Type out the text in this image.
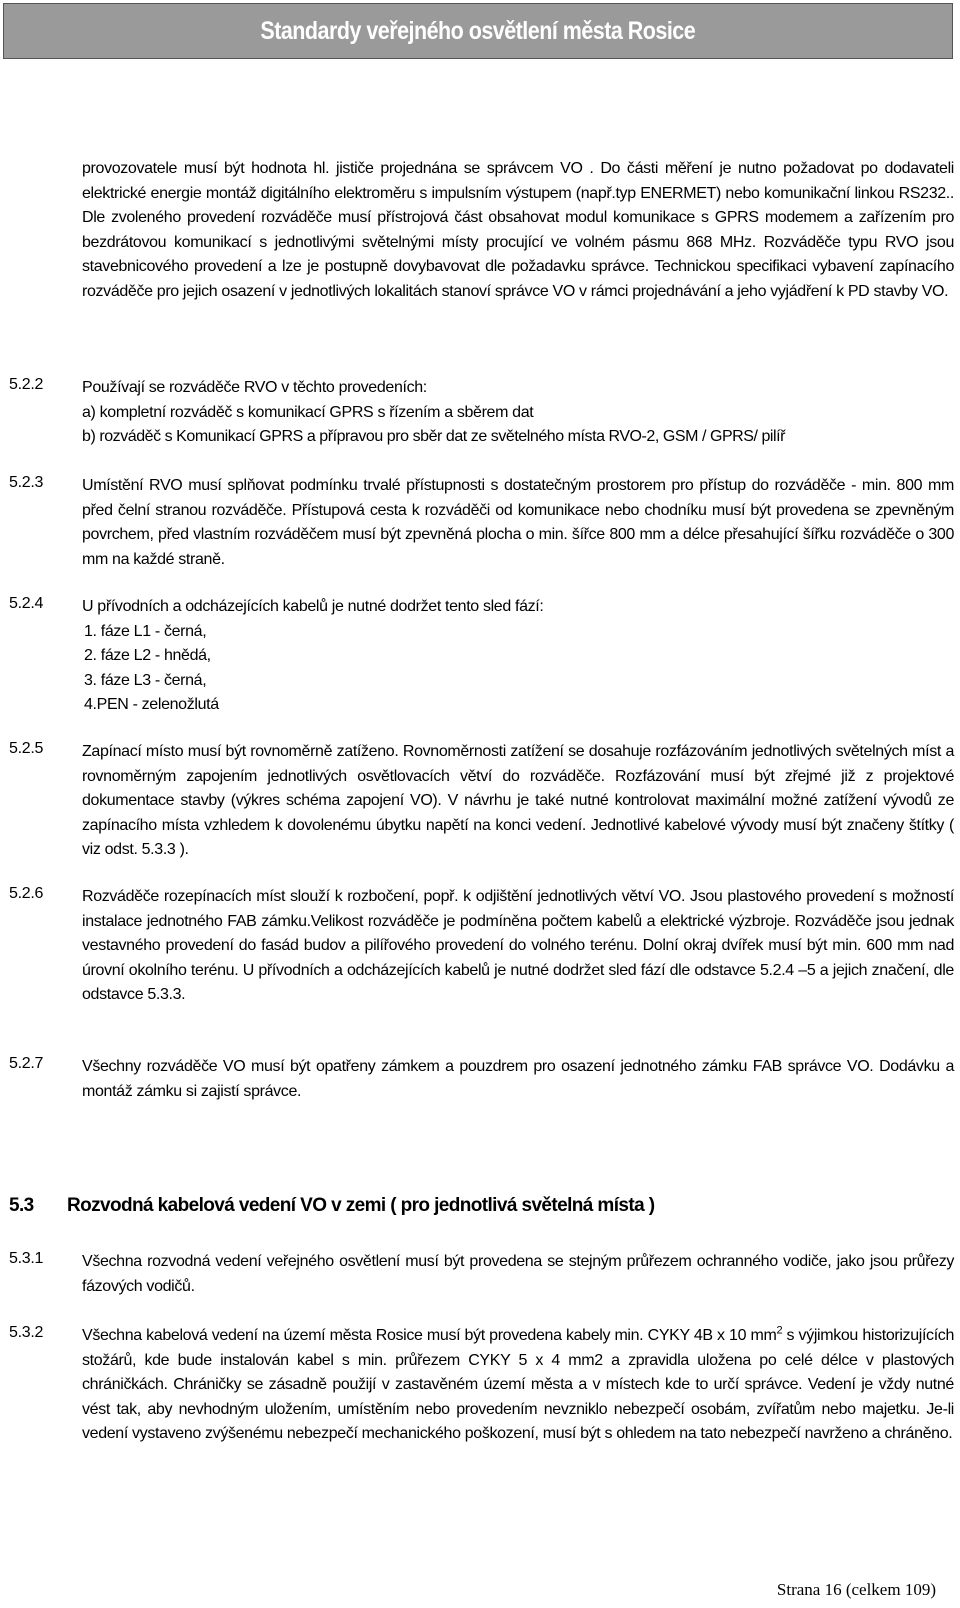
Standardy veřejného osvětlení města Rosice
provozovatele musí být hodnota hl. jističe projednána se správcem VO . Do části měření je nutno požadovat po dodavateli elektrické energie montáž digitálního elektroměru s impulsním výstupem (např.typ ENERMET) nebo komunikační linkou RS232.. Dle zvoleného provedení rozváděče musí přístrojová část obsahovat modul komunikace s GPRS modemem a zařízením pro bezdrátovou komunikací s jednotlivými světelnými místy procující ve volném pásmu 868 MHz. Rozváděče typu RVO jsou stavebnicového provedení a lze je postupně dovybavovat dle požadavku správce. Technickou specifikaci vybavení zapínacího rozváděče pro jejich osazení v jednotlivých lokalitách stanoví správce VO v rámci projednávání a jeho vyjádření k PD stavby VO.
5.2.2 Používají se rozváděče RVO v těchto provedeních:
a) kompletní rozváděč s komunikací GPRS s řízením a sběrem dat
b) rozváděč s Komunikací GPRS a přípravou pro sběr dat ze světelného místa RVO-2, GSM / GPRS/ pilíř
5.2.3 Umístění RVO musí splňovat podmínku trvalé přístupnosti s dostatečným prostorem pro přístup do rozváděče - min. 800 mm před čelní stranou rozváděče. Přístupová cesta k rozváděči od komunikace nebo chodníku musí být provedena se zpevněným povrchem, před vlastním rozváděčem musí být zpevněná plocha o min. šířce 800 mm a délce přesahující šířku rozváděče o 300 mm na každé straně.
5.2.4 U přívodních a odcházejících kabelů je nutné dodržet tento sled fází:
1. fáze L1 - černá,
2. fáze L2 - hnědá,
3. fáze L3 - černá,
4.PEN - zelenožlutá
5.2.5 Zapínací místo musí být rovnoměrně zatíženo. Rovnoměrnosti zatížení se dosahuje rozfázováním jednotlivých světelných míst a rovnoměrným zapojením jednotlivých osvětlovacích větví do rozváděče. Rozfázování musí být zřejmé již z projektové dokumentace stavby (výkres schéma zapojení VO). V návrhu je také nutné kontrolovat maximální možné zatížení vývodů ze zapínacího místa vzhledem k dovolenému úbytku napětí na konci vedení. Jednotlivé kabelové vývody musí být značeny štítky ( viz odst. 5.3.3 ).
5.2.6 Rozváděče rozepínacích míst slouží k rozbočení, popř. k odjištění jednotlivých větví VO. Jsou plastového provedení s možností instalace jednotného FAB zámku.Velikost rozváděče je podmíněna počtem kabelů a elektrické výzbroje. Rozváděče jsou jednak vestavného provedení do fasád budov a pilířového provedení do volného terénu. Dolní okraj dvířek musí být min. 600 mm nad úrovní okolního terénu. U přívodních a odcházejících kabelů je nutné dodržet sled fází dle odstavce 5.2.4 –5 a jejich značení, dle odstavce 5.3.3.
5.2.7 Všechny rozváděče VO musí být opatřeny zámkem a pouzdrem pro osazení jednotného zámku FAB správce VO. Dodávku a montáž zámku si zajistí správce.
5.3 Rozvodná kabelová vedení VO v zemi ( pro jednotlivá světelná místa )
5.3.1 Všechna rozvodná vedení veřejného osvětlení musí být provedena se stejným průřezem ochranného vodiče, jako jsou průřezy fázových vodičů.
5.3.2 Všechna kabelová vedení na území města Rosice musí být provedena kabely min. CYKY 4B x 10 $mm^2$ s výjimkou historizujících stožárů, kde bude instalován kabel s min. průřezem CYKY 5 x 4 mm2 a zpravidla uložena po celé délce v plastových chráničkách. Chráničky se zásadně použijí v zastavěném území města a v místech kde to určí správce. Vedení je vždy nutné vést tak, aby nevhodným uložením, umístěním nebo provedením nevzniklo nebezpečí osobám, zvířatům nebo majetku. Je-li vedení vystaveno zvýšenému nebezpečí mechanického poškození, musí být s ohledem na tato nebezpečí navrženo a chráněno.
Strana 16 (celkem 109)
